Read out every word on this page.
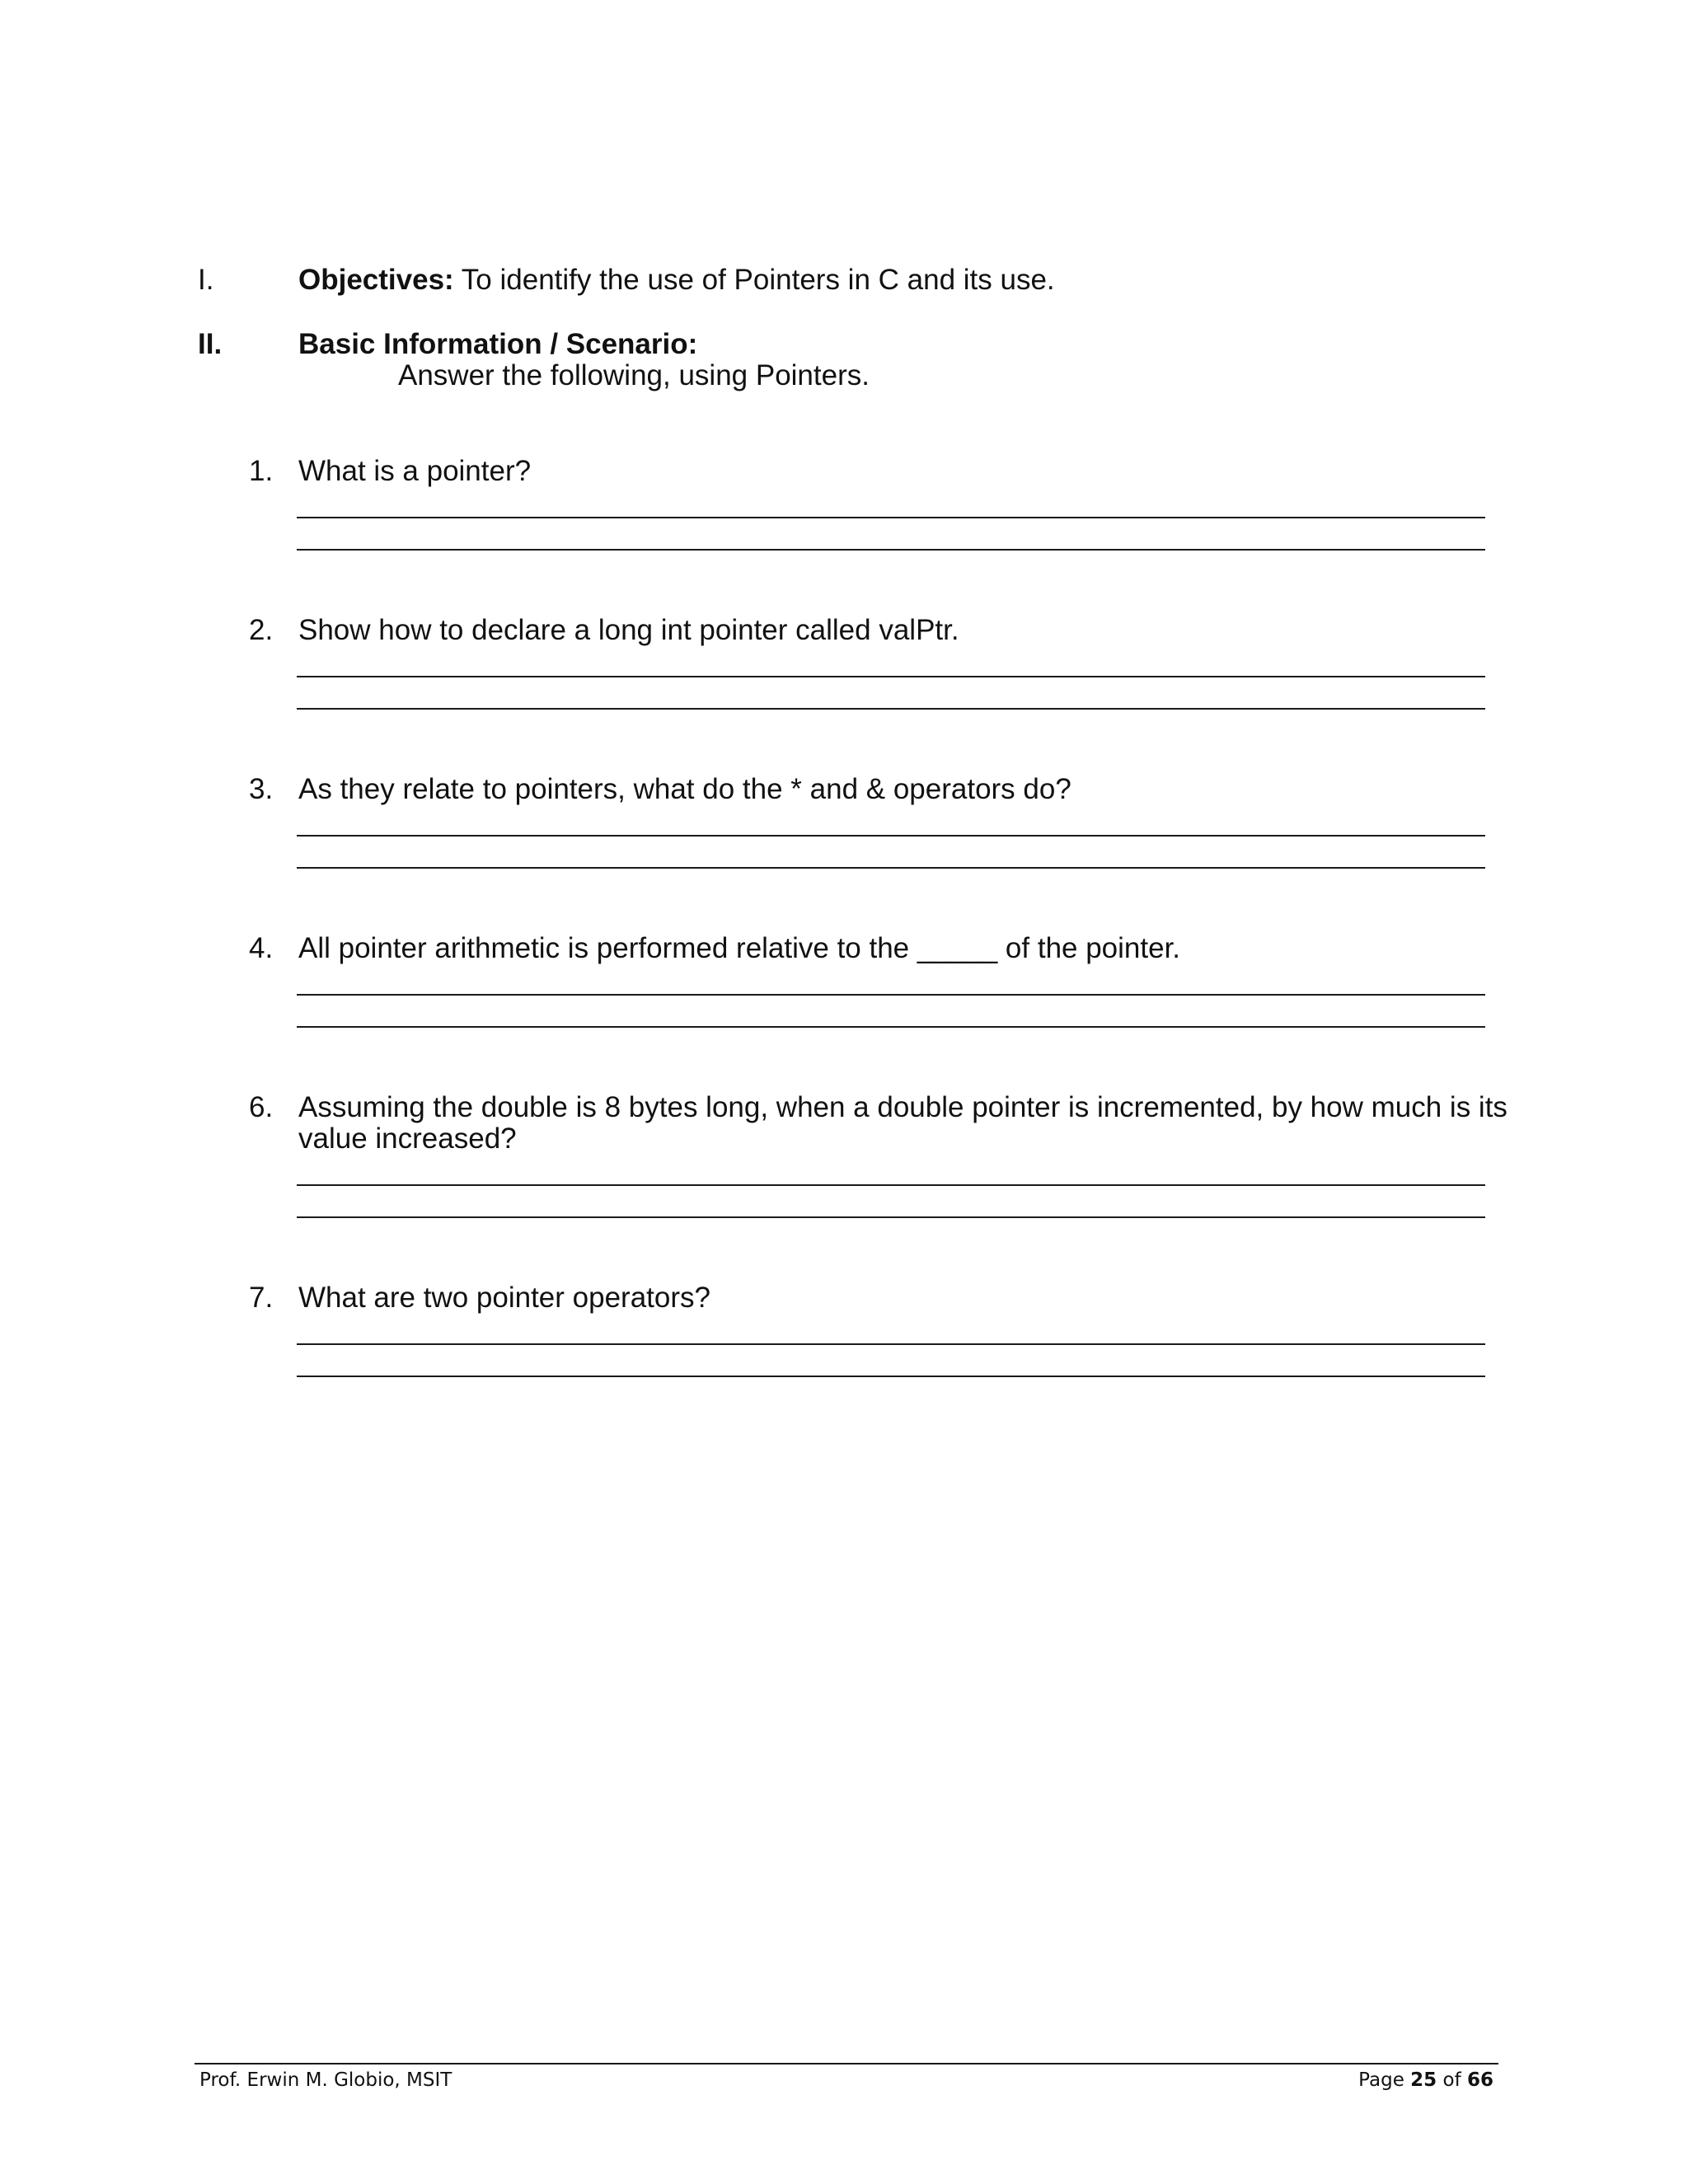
I.	Objectives: To identify the use of Pointers in C and its use.
II.	Basic Information / Scenario:
Answer the following, using Pointers.
1. What is a pointer?
2. Show how to declare a long int pointer called valPtr.
3. As they relate to pointers, what do the * and & operators do?
4. All pointer arithmetic is performed relative to the _____ of the pointer.
6. Assuming the double is 8 bytes long, when a double pointer is incremented, by how much is its
value increased?
7. What are two pointer operators?
Prof. Erwin M. Globio, MSIT	Page 25 of 66
